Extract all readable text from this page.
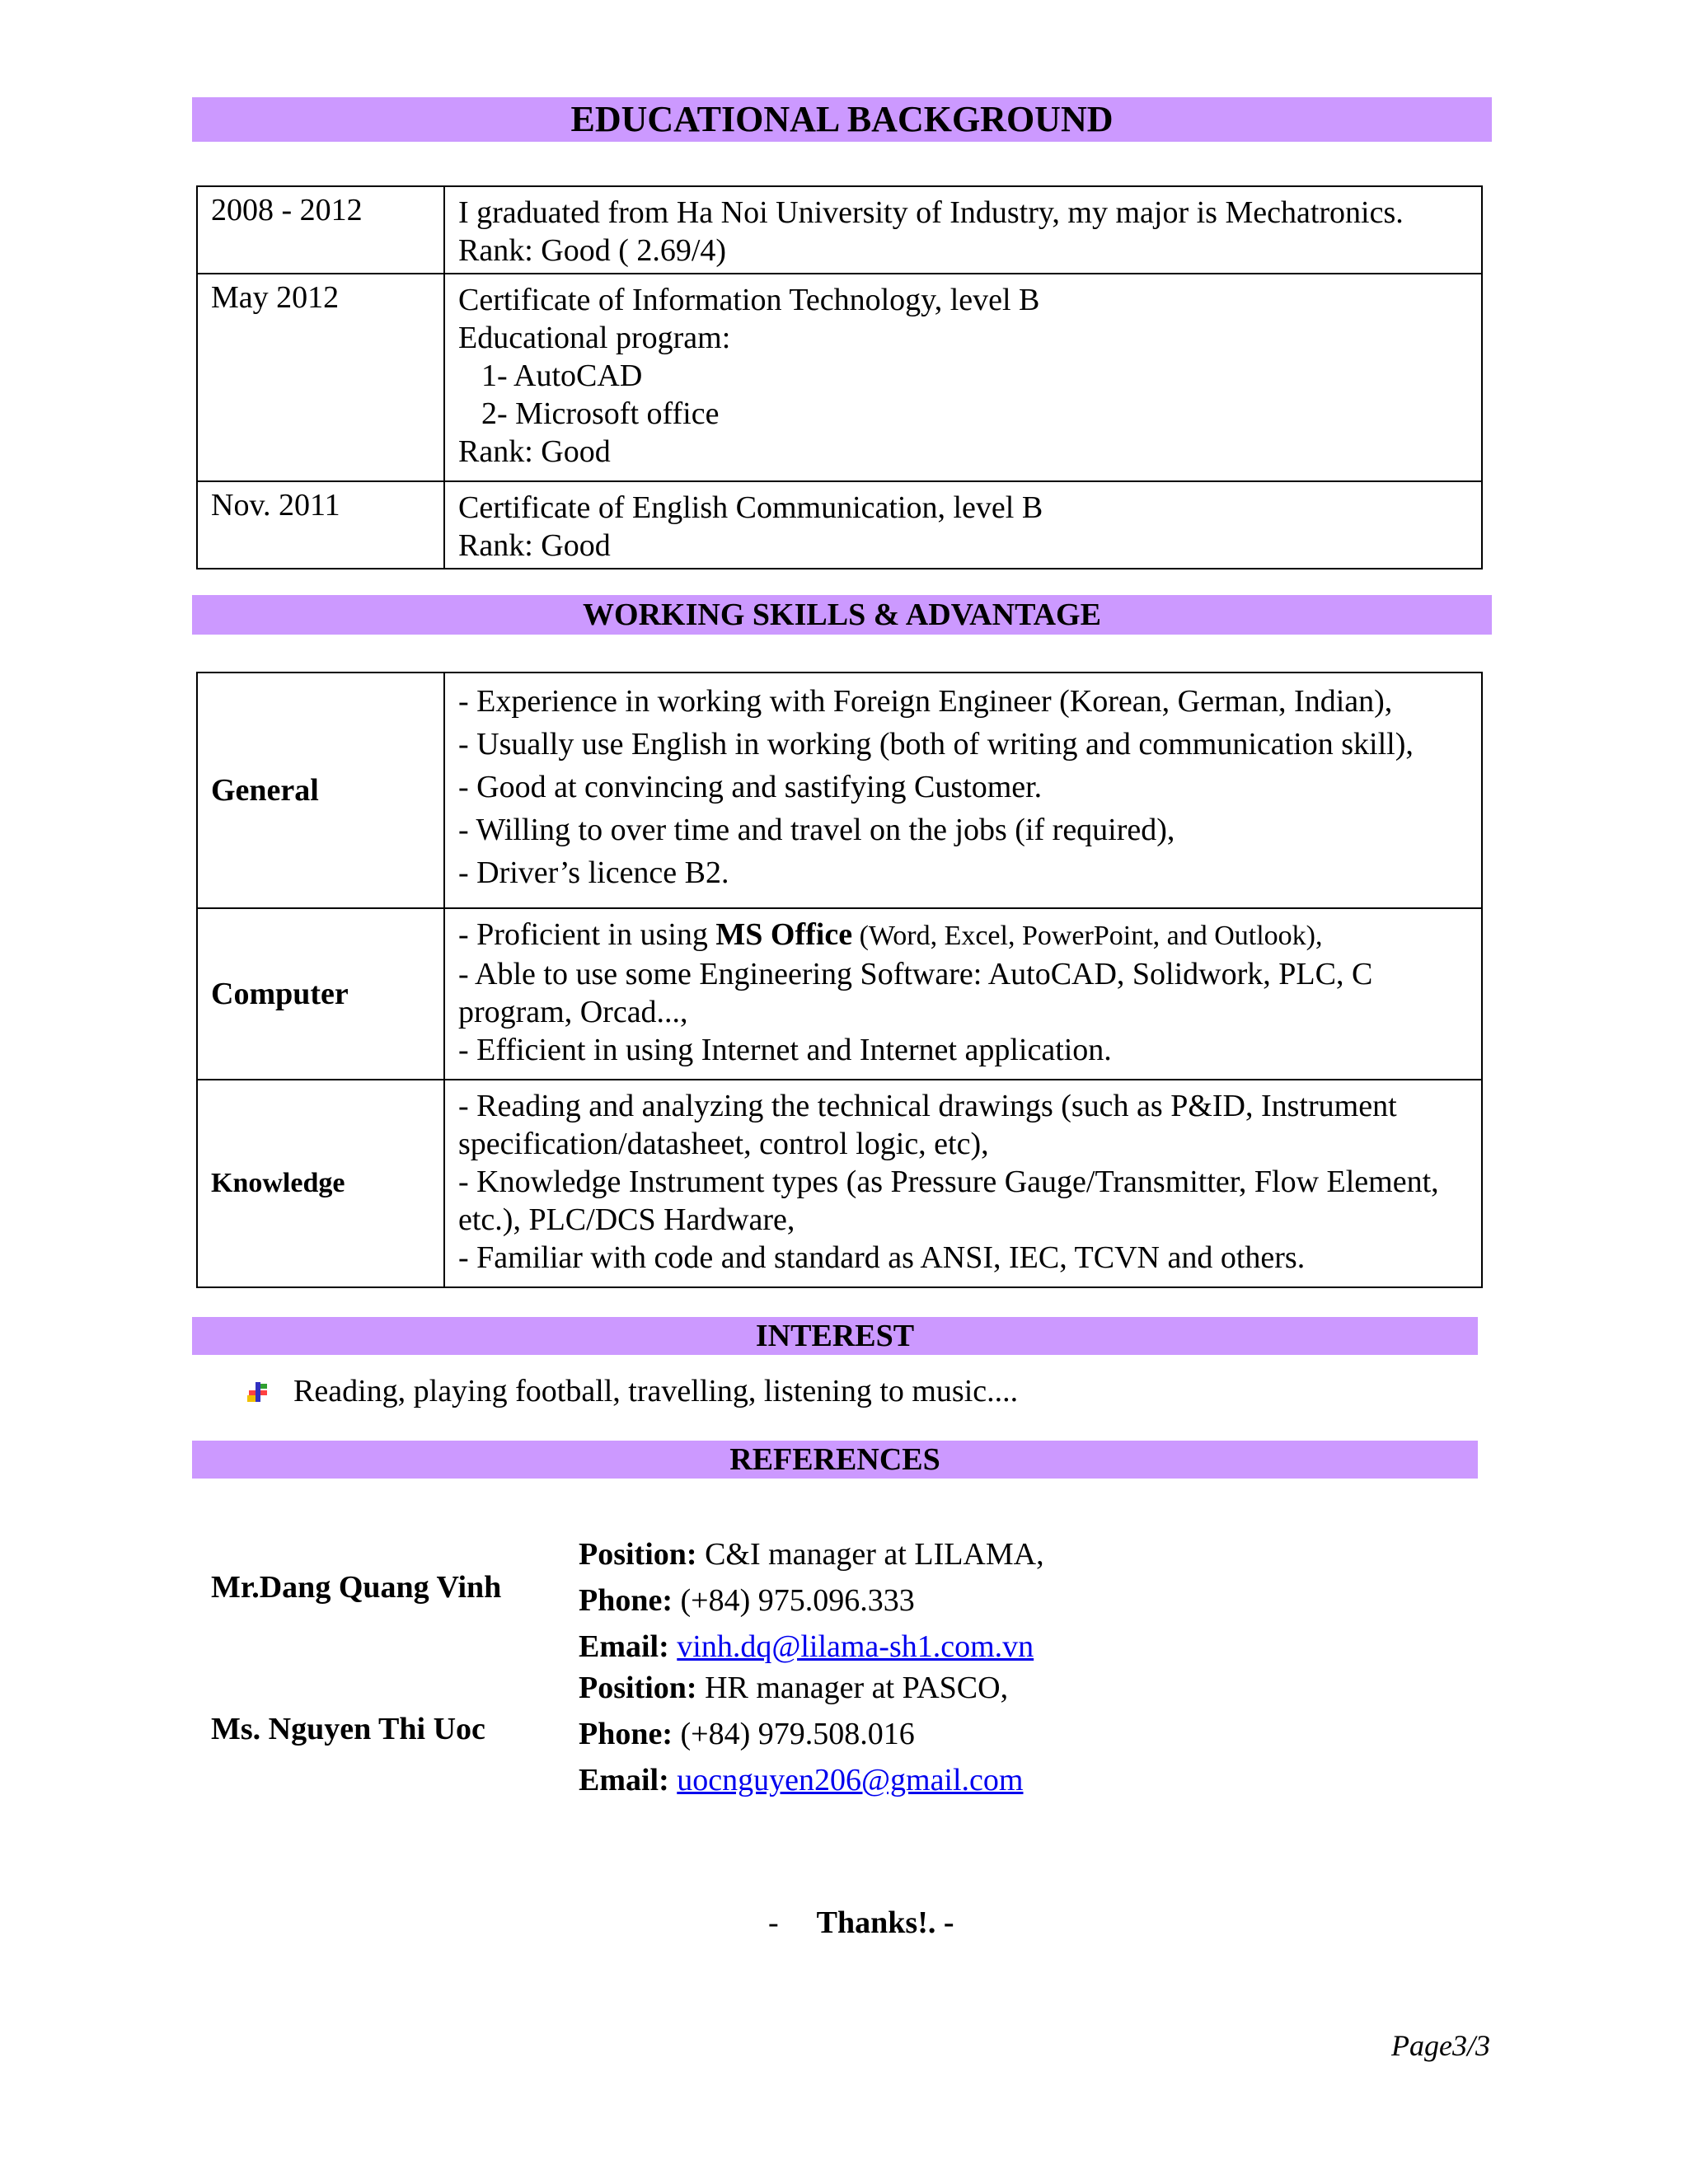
EDUCATIONAL BACKGROUND
2008 - 2012	I graduated from Ha Noi University of Industry, my major is Mechatronics.
Rank: Good ( 2.69/4)

May 2012	Certificate of Information Technology, level B
Educational program:
1- AutoCAD
2- Microsoft office
Rank: Good

Nov. 2011	Certificate of English Communication, level B
Rank: Good
WORKING SKILLS & ADVANTAGE
General	- Experience in working with Foreign Engineer (Korean, German, Indian),
- Usually use English in working (both of writing and communication skill),
- Good at convincing and sastifying Customer.
- Willing to over time and travel on the jobs (if required),
- Driver’s licence B2.

Computer	- Proficient in using MS Office (Word, Excel, PowerPoint, and Outlook),
- Able to use some Engineering Software: AutoCAD, Solidwork, PLC, C
program, Orcad...,
- Efficient in using Internet and Internet application.

Knowledge	- Reading and analyzing the technical drawings (such as P&ID, Instrument
specification/datasheet, control logic, etc),
- Knowledge Instrument types (as Pressure Gauge/Transmitter, Flow Element,
etc.), PLC/DCS Hardware,
- Familiar with code and standard as ANSI, IEC, TCVN and others.
INTEREST
Reading, playing football, travelling, listening to music....
REFERENCES
Mr.Dang Quang Vinh
Position: C&I manager at LILAMA,
Phone: (+84) 975.096.333
Email: vinh.dq@lilama-sh1.com.vn
Ms. Nguyen Thi Uoc
Position: HR manager at PASCO,
Phone: (+84) 979.508.016
Email: uocnguyen206@gmail.com
- Thanks!. -
Page3/3
